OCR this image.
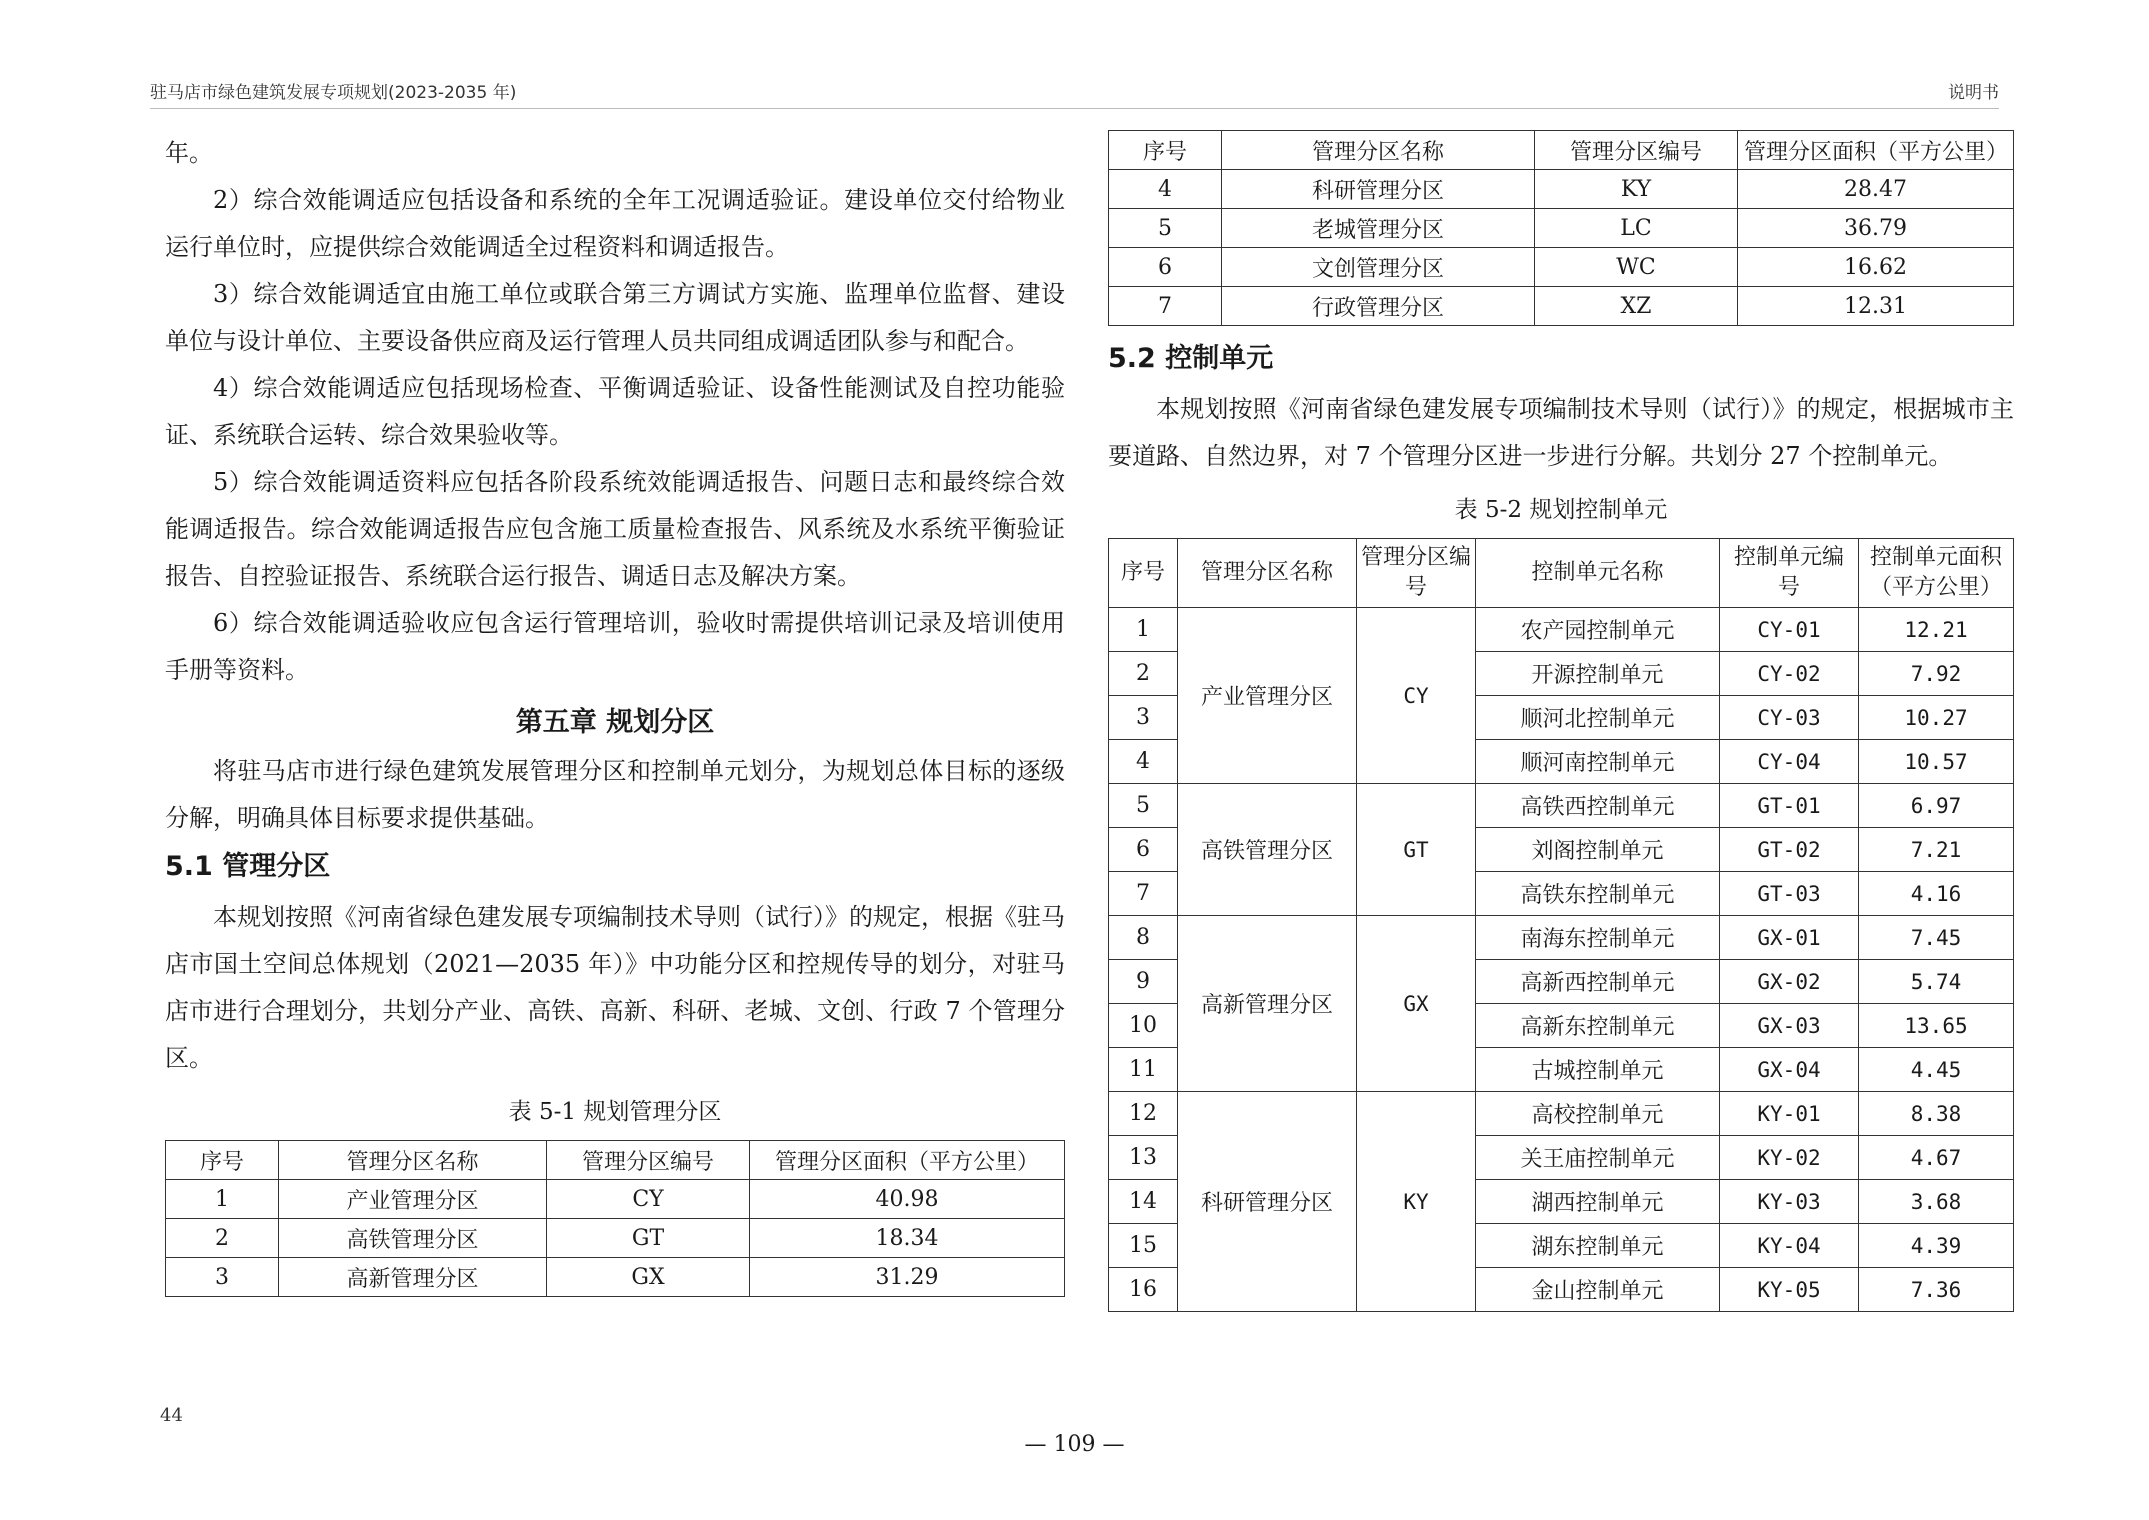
驻马店市绿色建筑发展专项规划(2023-2035 年)	说明书

年。

2）综合效能调适应包括设备和系统的全年工况调适验证。建设单位交付给物业运行单位时，应提供综合效能调适全过程资料和调适报告。

3）综合效能调适宜由施工单位或联合第三方调试方实施、监理单位监督、建设单位与设计单位、主要设备供应商及运行管理人员共同组成调适团队参与和配合。

4）综合效能调适应包括现场检查、平衡调适验证、设备性能测试及自控功能验证、系统联合运转、综合效果验收等。

5）综合效能调适资料应包括各阶段系统效能调适报告、问题日志和最终综合效能调适报告。综合效能调适报告应包含施工质量检查报告、风系统及水系统平衡验证报告、自控验证报告、系统联合运行报告、调适日志及解决方案。

6）综合效能调适验收应包含运行管理培训，验收时需提供培训记录及培训使用手册等资料。

第五章 规划分区

将驻马店市进行绿色建筑发展管理分区和控制单元划分，为规划总体目标的逐级分解，明确具体目标要求提供基础。

5.1 管理分区

本规划按照《河南省绿色建发展专项编制技术导则（试行）》的规定，根据《驻马店市国土空间总体规划（2021—2035 年）》中功能分区和控规传导的划分，对驻马店市进行合理划分，共划分产业、高铁、高新、科研、老城、文创、行政 7 个管理分区。

表 5-1 规划管理分区
序号	管理分区名称	管理分区编号	管理分区面积（平方公里）
1	产业管理分区	CY	40.98
2	高铁管理分区	GT	18.34
3	高新管理分区	GX	31.29
序号	管理分区名称	管理分区编号	管理分区面积（平方公里）
4	科研管理分区	KY	28.47
5	老城管理分区	LC	36.79
6	文创管理分区	WC	16.62
7	行政管理分区	XZ	12.31
5.2 控制单元

本规划按照《河南省绿色建发展专项编制技术导则（试行）》的规定，根据城市主要道路、自然边界，对 7 个管理分区进一步进行分解。共划分 27 个控制单元。

表 5-2 规划控制单元
序号	管理分区名称	管理分区编号	控制单元名称	控制单元编号	控制单元面积（平方公里）
1	产业管理分区	CY	农产园控制单元	CY-01	12.21
2			开源控制单元	CY-02	7.92
3			顺河北控制单元	CY-03	10.27
4			顺河南控制单元	CY-04	10.57
5	高铁管理分区	GT	高铁西控制单元	GT-01	6.97
6			刘阁控制单元	GT-02	7.21
7			高铁东控制单元	GT-03	4.16
8	高新管理分区	GX	南海东控制单元	GX-01	7.45
9			高新西控制单元	GX-02	5.74
10			高新东控制单元	GX-03	13.65
11			古城控制单元	GX-04	4.45
12	科研管理分区	KY	高校控制单元	KY-01	8.38
13			关王庙控制单元	KY-02	4.67
14			湖西控制单元	KY-03	3.68
15			湖东控制单元	KY-04	4.39
16			金山控制单元	KY-05	7.36
44
— 109 —
